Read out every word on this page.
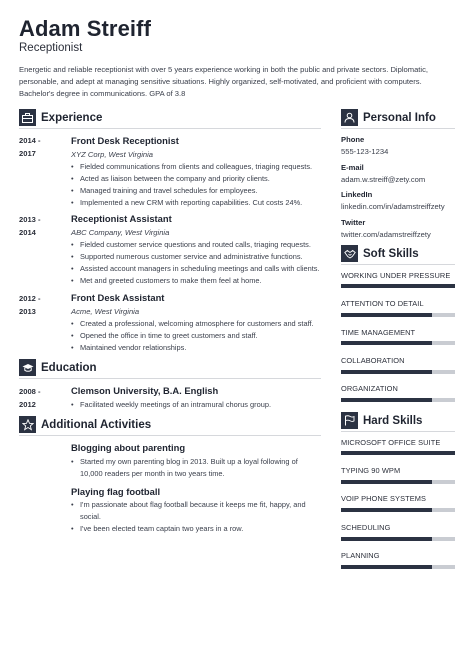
Adam Streiff
Receptionist
Energetic and reliable receptionist with over 5 years experience working in both the public and private sectors. Diplomatic, personable, and adept at managing sensitive situations. Highly organized, self-motivated, and proficient with computers. Bachelor's degree in communications. GPA of 3.8
Experience
2014 -
2017
Front Desk Receptionist
XYZ Corp, West Virginia
• Fielded communications from clients and colleagues, triaging requests.
• Acted as liaison between the company and priority clients.
• Managed training and travel schedules for employees.
• Implemented a new CRM with reporting capabilities. Cut costs 24%.
2013 -
2014
Receptionist Assistant
ABC Company, West Virginia
• Fielded customer service questions and routed calls, triaging requests.
• Supported numerous customer service and administrative functions.
• Assisted account managers in scheduling meetings and calls with clients.
• Met and greeted customers to make them feel at home.
2012 -
2013
Front Desk Assistant
Acme, West Virginia
• Created a professional, welcoming atmosphere for customers and staff.
• Opened the office in time to greet customers and staff.
• Maintained vendor relationships.
Education
2008 -
2012
Clemson University, B.A. English
• Facilitated weekly meetings of an intramural chorus group.
Additional Activities
Blogging about parenting
• Started my own parenting blog in 2013. Built up a loyal following of 10,000 readers per month in two years time.
Playing flag football
• I'm passionate about flag football because it keeps me fit, happy, and social.
• I've been elected team captain two years in a row.
Personal Info
Phone
555-123-1234
E-mail
adam.w.streiff@zety.com
LinkedIn
linkedin.com/in/adamstreiffzety
Twitter
twitter.com/adamstreiffzety
Soft Skills
WORKING UNDER PRESSURE
ATTENTION TO DETAIL
TIME MANAGEMENT
COLLABORATION
ORGANIZATION
Hard Skills
MICROSOFT OFFICE SUITE
TYPING 90 WPM
VOIP PHONE SYSTEMS
SCHEDULING
PLANNING
